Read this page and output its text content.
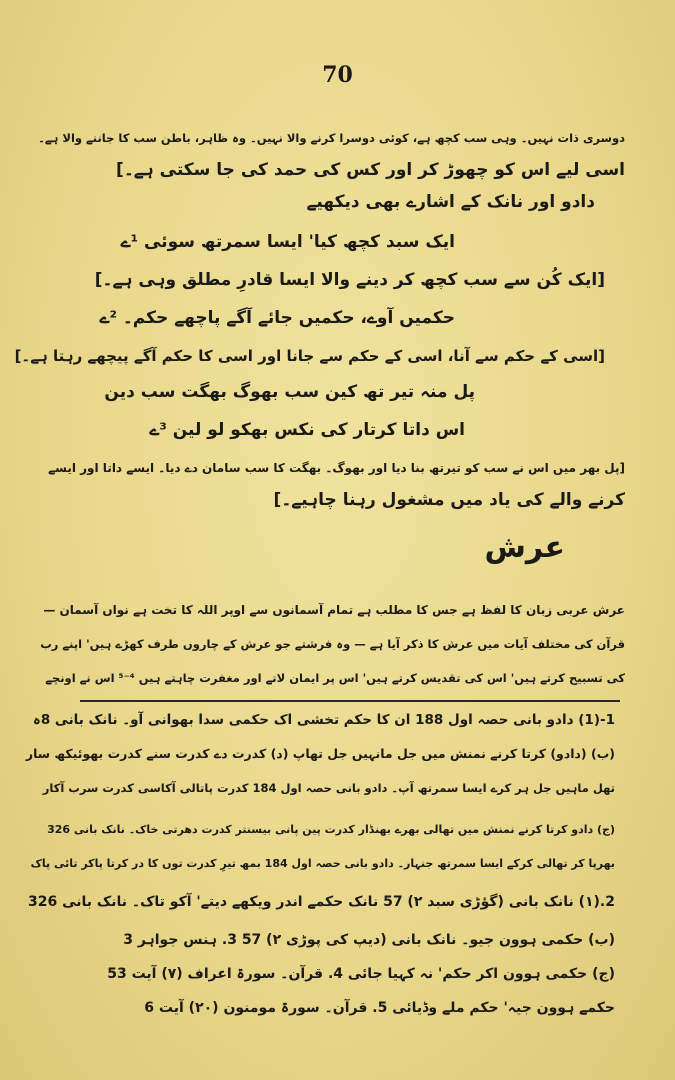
70
دوسری ذات نہیں۔ وہی سب کچھ ہے، کوئی دوسرا کرنے والا نہیں۔ وہ ظاہر، باطن سب کا جاننے والا ہے۔
اسی لیے اس کو چھوڑ کر اور کس کی حمد کی جا سکتی ہے۔]
دادو اور نانک کے اشارے بھی دیکھیے
ایک سبد کچھ کیا' ایسا سمرتھ سوئی ¹ے
[ایک کُن سے سب کچھ کر دینے والا ایسا قادرِ مطلق وہی ہے۔]
حکمیں آوے، حکمیں جائے آگے پاچھے حکم۔ ²ے
[اسی کے حکم سے آنا، اسی کے حکم سے جانا اور اسی کا حکم آگے پیچھے رہتا ہے۔]
پل منہ تیر تھ کین سب بھوگ بھگت سب دین
اس داتا کرتار کی نکس بھکو لو لین ³ے
[پل بھر میں اس نے سب کو تیرتھ بنا دیا اور بھوگ۔ بھگت کا سب سامان دے دیا۔ ایسے داتا اور ایسے
کرنے والے کی یاد میں مشغول رہنا چاہیے۔]
عرش
عرش عربی زبان کا لفظ ہے جس کا مطلب ہے تمام آسمانوں سے اوپر اللہ کا تخت ہے نواں آسمان —
قرآن کی مختلف آیات میں عرش کا ذکر آیا ہے — وہ فرشتے جو عرش کے چاروں طرف کھڑے ہیں' اپنے رب
کی تسبیح کرتے ہیں' اس کی تقدیس کرتے ہیں' اس پر ایمان لاتے اور مغفرت چاہتے ہیں ⁴⁻⁵ اس نے اونچے
1-(1) دادو بانی حصہ اول 188 ان کا حکم تخشی اک حکمی سدا بھوانی آو۔ نانک بانی 8ہ
(ب) (دادو) کرتا کرنے نمنش میں جل مانہیں جل تھاپ (د) کدرت دے کدرت سنے کدرت بھوئیکھ سار
تھل ماہیں جل ہر کرے ایسا سمرتھ آپ۔ دادو بانی حصہ اول 184 کدرت پاتالی آکاسی کدرت سرب آکار
(ج) دادو کرتا کرنے نمنش میں تھالی بھرے بھنڈار کدرت پین پانی بیسنتر کدرت دھرتی خاک۔ نانک بانی 326
بھرپا کر تھالی کرکے ایسا سمرتھ جنہار۔ دادو بانی حصہ اول 184 بمھ تیرِ کدرت توں کا در کرتا پاکر تائی پاک
2.(۱) نانک بانی (گؤڑی سبد ۲) 57 نانک حکمے اندر ویکھے دیتے' آکو تاک۔ نانک بانی 326
(ب) حکمی ہوون جیو۔ نانک بانی (دیپ کی پوڑی ۲) 57 3. ہنس جواہر 3
(ج) حکمی ہوون اکر حکم' نہ کہیا جائی 4. قرآن۔ سورۃ اعراف (۷) آیت 53
حکمے ہوون جیہ' حکم ملے وڈیائی 5. قرآن۔ سورۃ مومنون (۲۰) آیت 6
